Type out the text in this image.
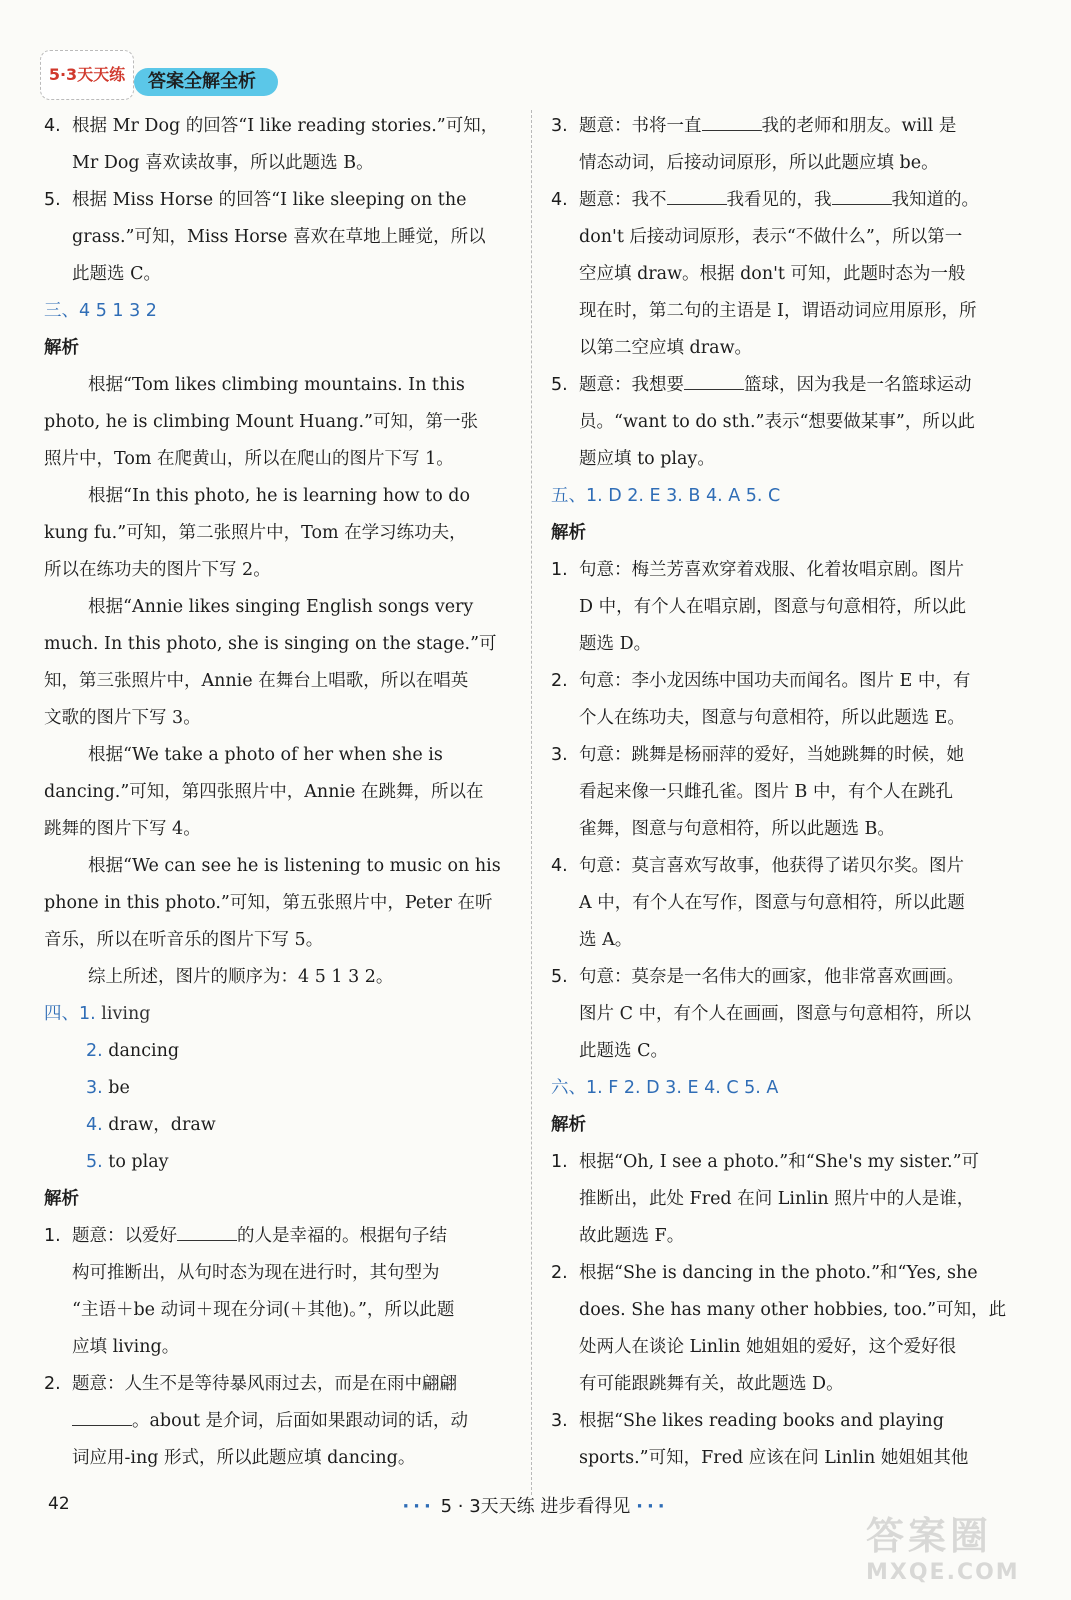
5·3天天练	答案全解全析

4. 根据 Mr Dog 的回答“I like reading stories.”可知，

Mr Dog 喜欢读故事，所以此题选 B。

5. 根据 Miss Horse 的回答“I like sleeping on the

grass.”可知，Miss Horse 喜欢在草地上睡觉，所以

此题选 C。

三、4 5 1 3 2

解析

根据“Tom likes climbing mountains. In this

photo, he is climbing Mount Huang.”可知，第一张

照片中，Tom 在爬黄山，所以在爬山的图片下写 1。

根据“In this photo, he is learning how to do

kung fu.”可知，第二张照片中，Tom 在学习练功夫，

所以在练功夫的图片下写 2。

根据“Annie likes singing English songs very

much. In this photo, she is singing on the stage.”可

知，第三张照片中，Annie 在舞台上唱歌，所以在唱英

文歌的图片下写 3。

根据“We take a photo of her when she is

dancing.”可知，第四张照片中，Annie 在跳舞，所以在

跳舞的图片下写 4。

根据“We can see he is listening to music on his

phone in this photo.”可知，第五张照片中，Peter 在听

音乐，所以在听音乐的图片下写 5。

综上所述，图片的顺序为：4 5 1 3 2。

四、1. living

2. dancing

3. be

4. draw，draw

5. to play

解析

1. 题意：以爱好	的人是幸福的。根据句子结

构可推断出，从句时态为现在进行时，其句型为

“主语＋be 动词＋现在分词(＋其他)。”，所以此题

应填 living。

2. 题意：人生不是等待暴风雨过去，而是在雨中翩翩

。about 是介词，后面如果跟动词的话，动

词应用-ing 形式，所以此题应填 dancing。

3. 题意：书将一直	我的老师和朋友。will 是

情态动词，后接动词原形，所以此题应填 be。

4. 题意：我不	我看见的，我	我知道的。

don't 后接动词原形，表示“不做什么”，所以第一

空应填 draw。根据 don't 可知，此题时态为一般

现在时，第二句的主语是 I，谓语动词应用原形，所

以第二空应填 draw。

5. 题意：我想要	篮球，因为我是一名篮球运动

员。“want to do sth.”表示“想要做某事”，所以此

题应填 to play。

五、1. D 2. E 3. B 4. A 5. C

解析

1. 句意：梅兰芳喜欢穿着戏服、化着妆唱京剧。图片

D 中，有个人在唱京剧，图意与句意相符，所以此

题选 D。

2. 句意：李小龙因练中国功夫而闻名。图片 E 中，有

个人在练功夫，图意与句意相符，所以此题选 E。

3. 句意：跳舞是杨丽萍的爱好，当她跳舞的时候，她

看起来像一只雌孔雀。图片 B 中，有个人在跳孔

雀舞，图意与句意相符，所以此题选 B。

4. 句意：莫言喜欢写故事，他获得了诺贝尔奖。图片

A 中，有个人在写作，图意与句意相符，所以此题

选 A。

5. 句意：莫奈是一名伟大的画家，他非常喜欢画画。

图片 C 中，有个人在画画，图意与句意相符，所以

此题选 C。

六、1. F 2. D 3. E 4. C 5. A

解析

1. 根据“Oh, I see a photo.”和“She's my sister.”可

推断出，此处 Fred 在问 Linlin 照片中的人是谁，

故此题选 F。

2. 根据“She is dancing in the photo.”和“Yes, she

does. She has many other hobbies, too.”可知，此

处两人在谈论 Linlin 她姐姐的爱好，这个爱好很

有可能跟跳舞有关，故此题选 D。

3. 根据“She likes reading books and playing

sports.”可知，Fred 应该在问 Linlin 她姐姐其他

42	··· 5 · 3天天练 进步看得见 ···
答案圈
MXQE.COM
